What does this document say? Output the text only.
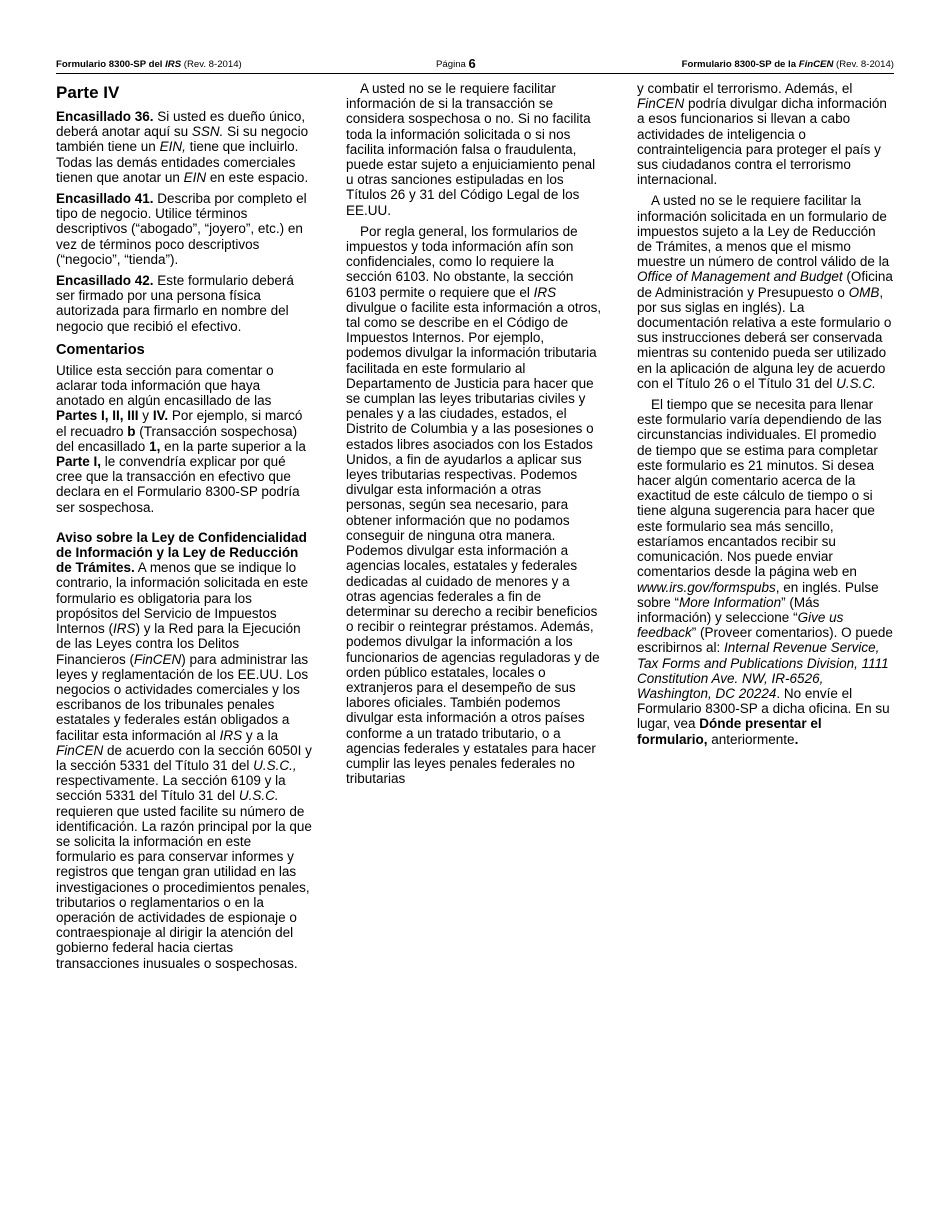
Formulario 8300-SP del IRS (Rev. 8-2014)	Página 6	Formulario 8300-SP de la FinCEN (Rev. 8-2014)
Parte IV

Encasillado 36. Si usted es dueño único, deberá anotar aquí su SSN. Si su negocio también tiene un EIN, tiene que incluirlo. Todas las demás entidades comerciales tienen que anotar un EIN en este espacio.

Encasillado 41. Describa por completo el tipo de negocio. Utilice términos descriptivos (“abogado”, “joyero”, etc.) en vez de términos poco descriptivos (“negocio”, “tienda”).

Encasillado 42. Este formulario deberá ser firmado por una persona física autorizada para firmarlo en nombre del negocio que recibió el efectivo.

Comentarios

Utilice esta sección para comentar o aclarar toda información que haya anotado en algún encasillado de las Partes I, II, III y IV. Por ejemplo, si marcó el recuadro b (Transacción sospechosa) del encasillado 1, en la parte superior a la Parte I, le convendría explicar por qué cree que la transacción en efectivo que declara en el Formulario 8300-SP podría ser sospechosa.

Aviso sobre la Ley de Confidencialidad de Información y la Ley de Reducción de Trámites. A menos que se indique lo contrario, la información solicitada en este formulario es obligatoria para los propósitos del Servicio de Impuestos Internos (IRS) y la Red para la Ejecución de las Leyes contra los Delitos Financieros (FinCEN) para administrar las leyes y reglamentación de los EE.UU. Los negocios o actividades comerciales y los escribanos de los tribunales penales estatales y federales están obligados a facilitar esta información al IRS y a la FinCEN de acuerdo con la sección 6050I y la sección 5331 del Título 31 del U.S.C., respectivamente. La sección 6109 y la sección 5331 del Título 31 del U.S.C. requieren que usted facilite su número de identificación. La razón principal por la que se solicita la información en este formulario es para conservar informes y registros que tengan gran utilidad en las investigaciones o procedimientos penales, tributarios o reglamentarios o en la operación de actividades de espionaje o contraespionaje al dirigir la atención del gobierno federal hacia ciertas transacciones inusuales o sospechosas.

A usted no se le requiere facilitar información de si la transacción se considera sospechosa o no. Si no facilita toda la información solicitada o si nos facilita información falsa o fraudulenta, puede estar sujeto a enjuiciamiento penal u otras sanciones estipuladas en los Títulos 26 y 31 del Código Legal de los EE.UU.

Por regla general, los formularios de impuestos y toda información afín son confidenciales, como lo requiere la sección 6103. No obstante, la sección 6103 permite o requiere que el IRS divulgue o facilite esta información a otros, tal como se describe en el Código de Impuestos Internos. Por ejemplo, podemos divulgar la información tributaria facilitada en este formulario al Departamento de Justicia para hacer que se cumplan las leyes tributarias civiles y penales y a las ciudades, estados, el Distrito de Columbia y a las posesiones o estados libres asociados con los Estados Unidos, a fin de ayudarlos a aplicar sus leyes tributarias respectivas. Podemos divulgar esta información a otras personas, según sea necesario, para obtener información que no podamos conseguir de ninguna otra manera. Podemos divulgar esta información a agencias locales, estatales y federales dedicadas al cuidado de menores y a otras agencias federales a fin de determinar su derecho a recibir beneficios o recibir o reintegrar préstamos. Además, podemos divulgar la información a los funcionarios de agencias reguladoras y de orden público estatales, locales o extranjeros para el desempeño de sus labores oficiales. También podemos divulgar esta información a otros países conforme a un tratado tributario, o a agencias federales y estatales para hacer cumplir las leyes penales federales no tributarias

y combatir el terrorismo. Además, el FinCEN podría divulgar dicha información a esos funcionarios si llevan a cabo actividades de inteligencia o contrainteligencia para proteger el país y sus ciudadanos contra el terrorismo internacional.

A usted no se le requiere facilitar la información solicitada en un formulario de impuestos sujeto a la Ley de Reducción de Trámites, a menos que el mismo muestre un número de control válido de la Office of Management and Budget (Oficina de Administración y Presupuesto o OMB, por sus siglas en inglés). La documentación relativa a este formulario o sus instrucciones deberá ser conservada mientras su contenido pueda ser utilizado en la aplicación de alguna ley de acuerdo con el Título 26 o el Título 31 del U.S.C.

El tiempo que se necesita para llenar este formulario varía dependiendo de las circunstancias individuales. El promedio de tiempo que se estima para completar este formulario es 21 minutos. Si desea hacer algún comentario acerca de la exactitud de este cálculo de tiempo o si tiene alguna sugerencia para hacer que este formulario sea más sencillo, estaríamos encantados recibir su comunicación. Nos puede enviar comentarios desde la página web en www.irs.gov/formspubs, en inglés. Pulse sobre “More Information” (Más información) y seleccione “Give us feedback” (Proveer comentarios). O puede escribirnos al: Internal Revenue Service, Tax Forms and Publications Division, 1111 Constitution Ave. NW, IR-6526, Washington, DC 20224. No envíe el Formulario 8300-SP a dicha oficina. En su lugar, vea Dónde presentar el formulario, anteriormente.
